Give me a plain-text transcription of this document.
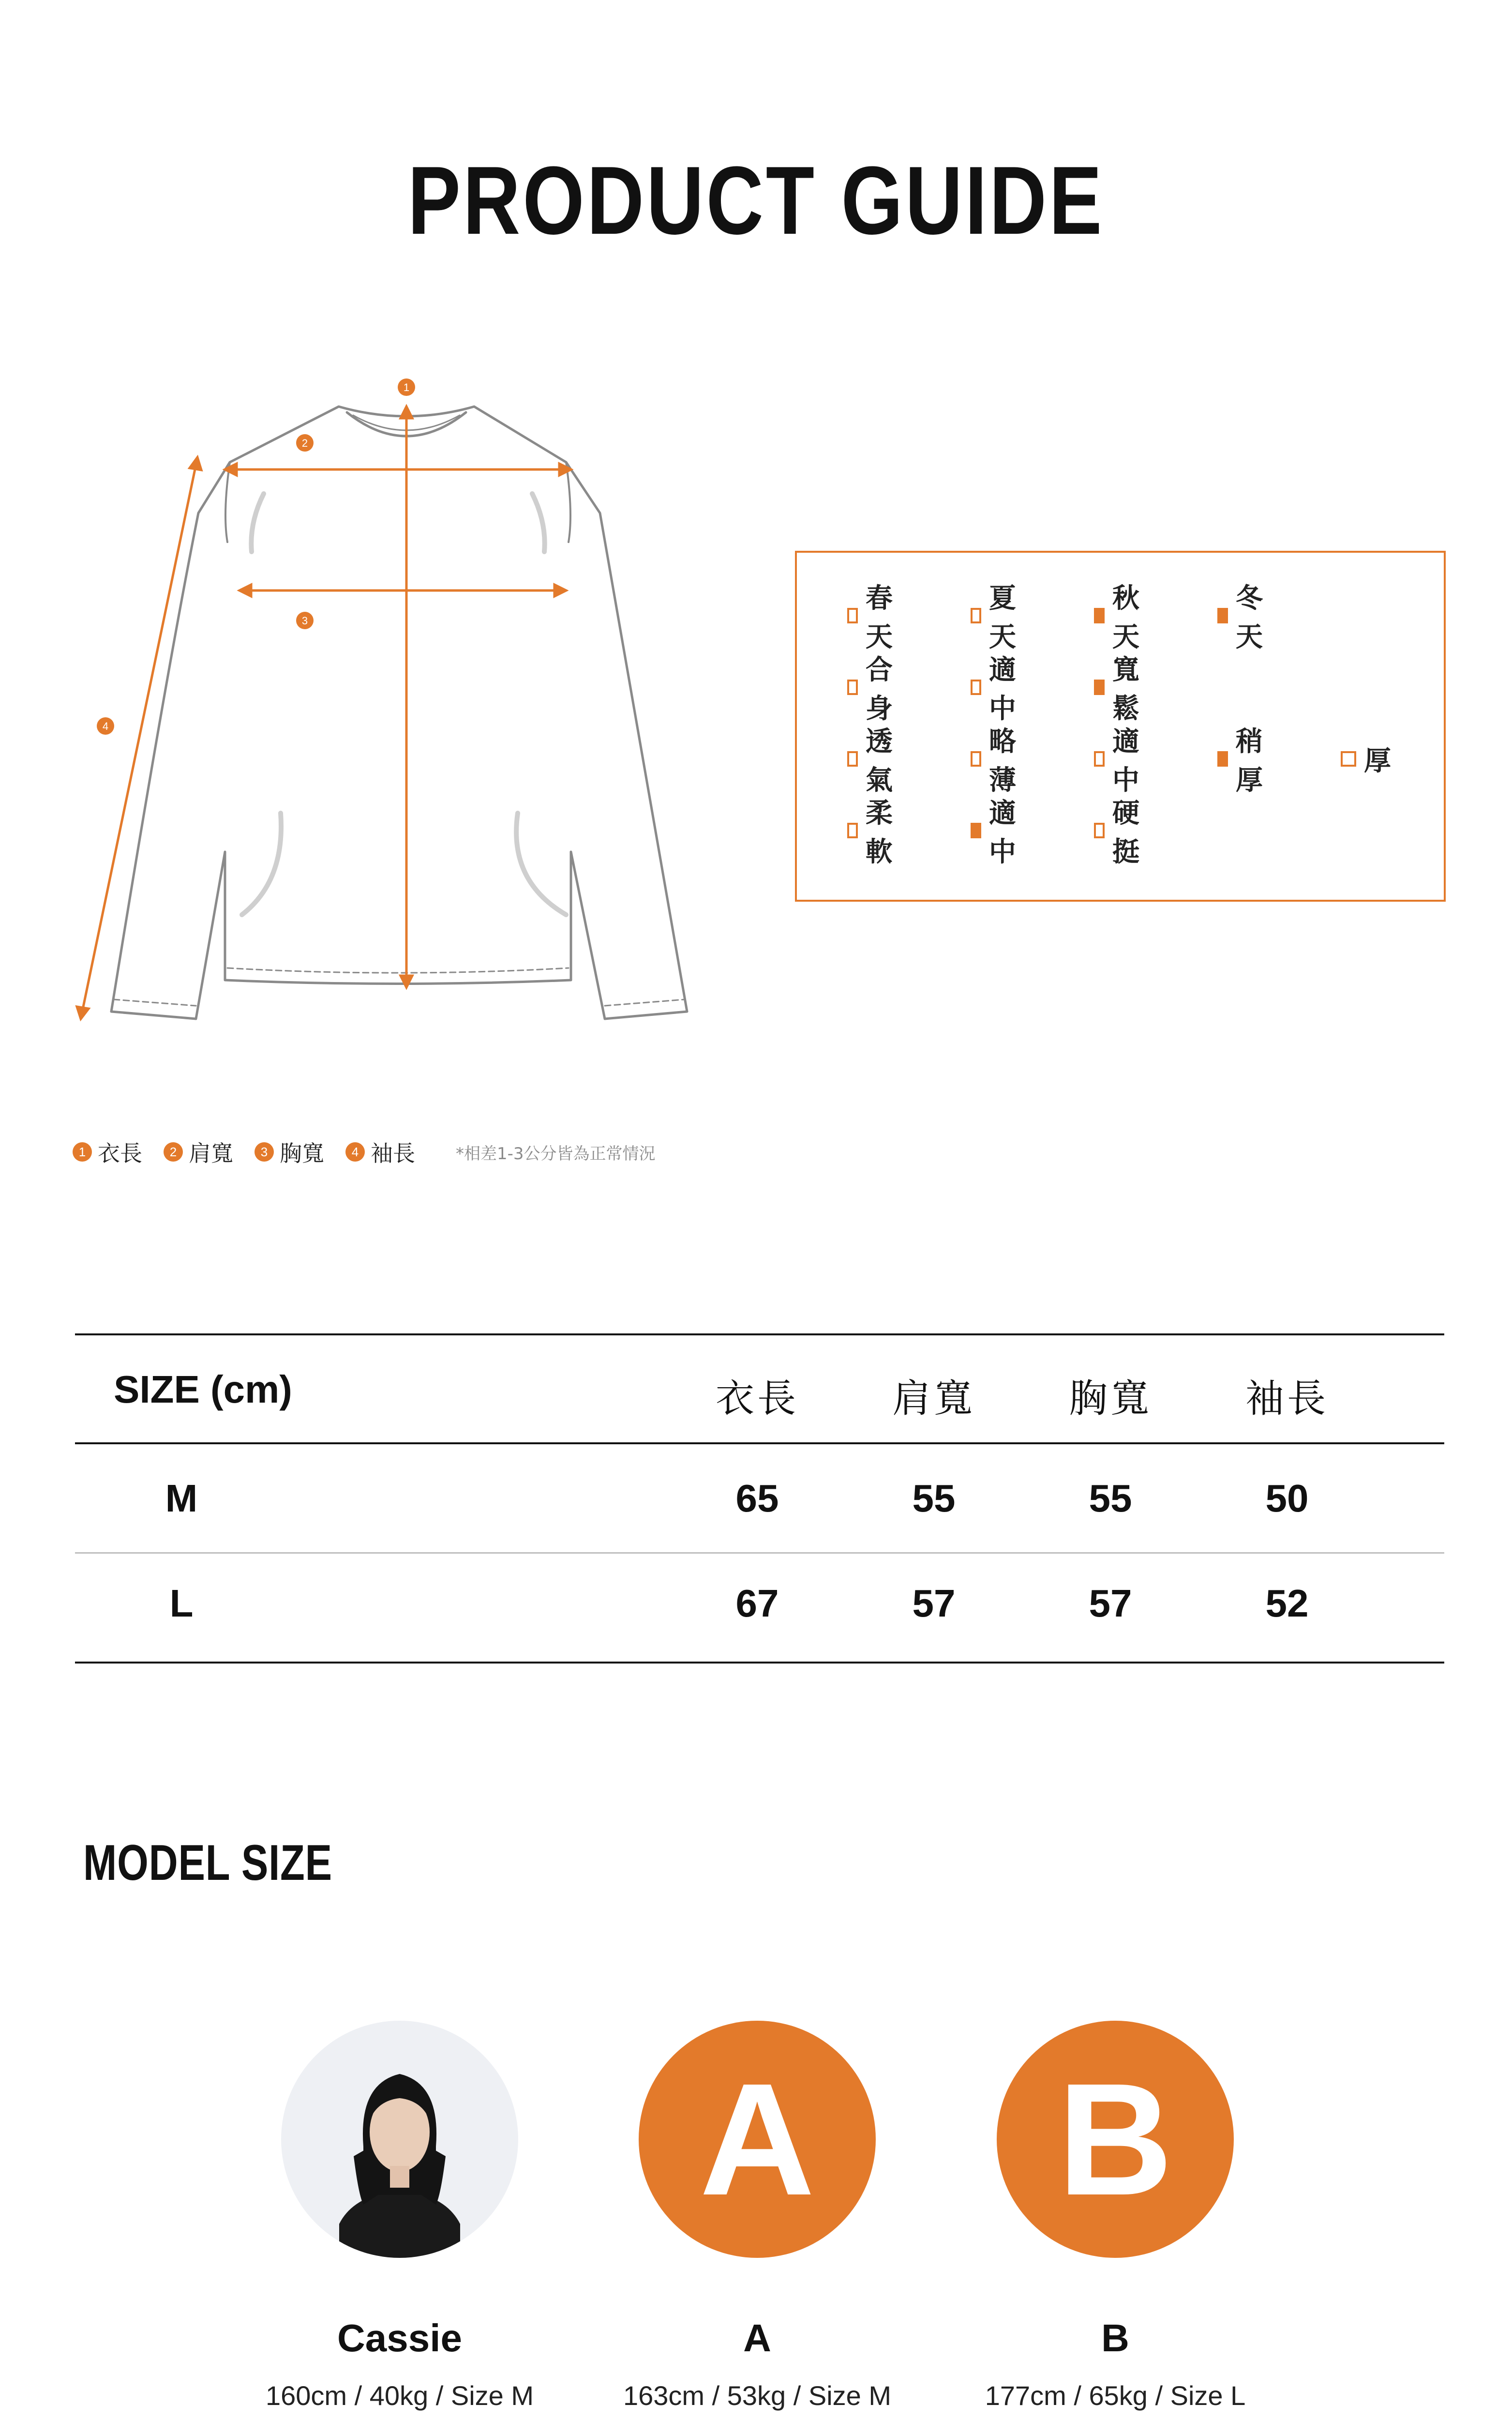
PRODUCT GUIDE
1
2
3
4
春天
夏天
秋天
冬天
合身
適中
寬鬆
透氣
略薄
適中
稍厚
厚
柔軟
適中
硬挺
1 衣長	2 肩寬	3 胸寬	4 袖長 *相差1-3公分皆為正常情況
SIZE (cm)	衣長	肩寬	胸寬	袖長
M	65	55	55	50
L	67	57	57	52
MODEL SIZE
Cassie
160cm / 40kg / Size M
A
A
163cm / 53kg / Size M
B
B
177cm / 65kg / Size L
